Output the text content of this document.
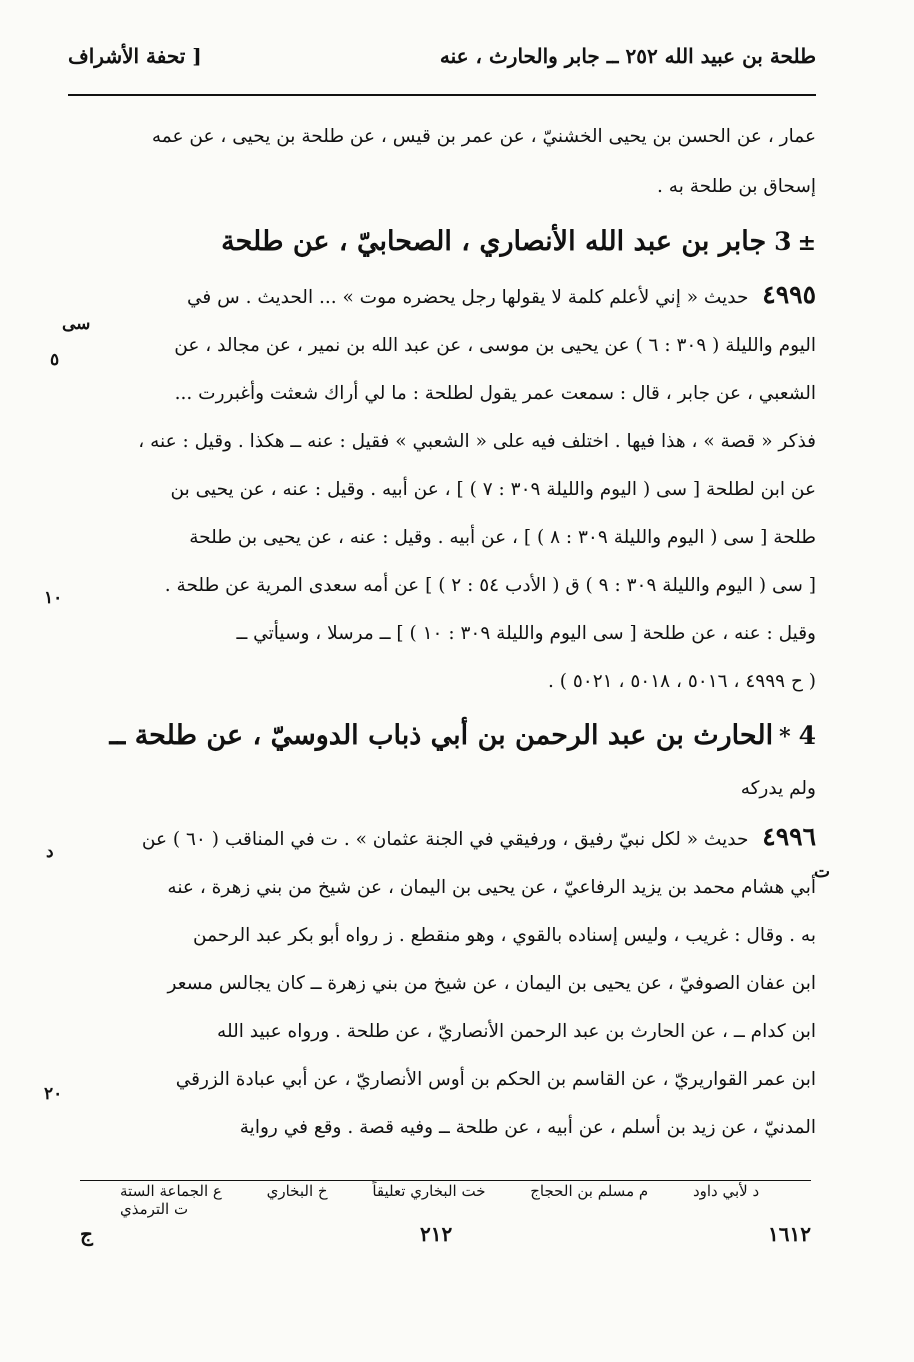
طلحة بن عبيد الله ٢٥٢ ــ جابر والحارث ، عنه
[ تحفة الأشراف
عمار ، عن الحسن بن يحيى الخشنيّ ، عن عمر بن قيس ، عن طلحة بن يحيى ، عن عمه
إسحاق بن طلحة به .
3 ±جابر بن عبد الله الأنصاري ، الصحابيّ ، عن طلحة
٤٩٩٥ حديث « إني لأعلم كلمة لا يقولها رجل يحضره موت » ... الحديث . س في
اليوم والليلة ( ٣٠٩ : ٦ ) عن يحيى بن موسى ، عن عبد الله بن نمير ، عن مجالد ، عن
الشعبي ، عن جابر ، قال : سمعت عمر يقول لطلحة : ما لي أراك شعثت وأغبررت ...
فذكر « قصة » ، هذا فيها . اختلف فيه على « الشعبي » فقيل : عنه ــ هكذا . وقيل : عنه ،
عن ابن لطلحة [ سى ( اليوم والليلة ٣٠٩ : ٧ ) ] ، عن أبيه . وقيل : عنه ، عن يحيى بن
طلحة [ سى ( اليوم والليلة ٣٠٩ : ٨ ) ] ، عن أبيه . وقيل : عنه ، عن يحيى بن طلحة
[ سى ( اليوم والليلة ٣٠٩ : ٩ ) ق ( الأدب ٥٤ : ٢ ) ] عن أمه سعدى المرية عن طلحة .
وقيل : عنه ، عن طلحة [ سى اليوم والليلة ٣٠٩ : ١٠ ) ] ــ مرسلا ، وسيأتي ــ
( ح ٤٩٩٩ ، ٥٠١٦ ، ٥٠١٨ ، ٥٠٢١ ) .
4*الحارث بن عبد الرحمن بن أبي ذباب الدوسيّ ، عن طلحة ــ
ولم يدركه
٤٩٩٦ حديث « لكل نبيّ رفيق ، ورفيقي في الجنة عثمان » . ت في المناقب ( ٦٠ ) عن
أبي هشام محمد بن يزيد الرفاعيّ ، عن يحيى بن اليمان ، عن شيخ من بني زهرة ، عنه
به . وقال : غريب ، وليس إسناده بالقوي ، وهو منقطع . ز رواه أبو بكر عبد الرحمن
ابن عفان الصوفيّ ، عن يحيى بن اليمان ، عن شيخ من بني زهرة ــ كان يجالس مسعر
ابن كدام ــ ، عن الحارث بن عبد الرحمن الأنصاريّ ، عن طلحة . ورواه عبيد الله
ابن عمر القواريريّ ، عن القاسم بن الحكم بن أوس الأنصاريّ ، عن أبي عبادة الزرقي
المدنيّ ، عن زيد بن أسلم ، عن أبيه ، عن طلحة ــ وفيه قصة . وقع في رواية
سى
٥
١٠
ت
د
٢٠
ع الجماعة الستة	خ البخاري	خت البخاري تعليقاً	م مسلم بن الحجاج	د لأبي داود ت الترمذي
١٦١٢
٢١٢
ج
